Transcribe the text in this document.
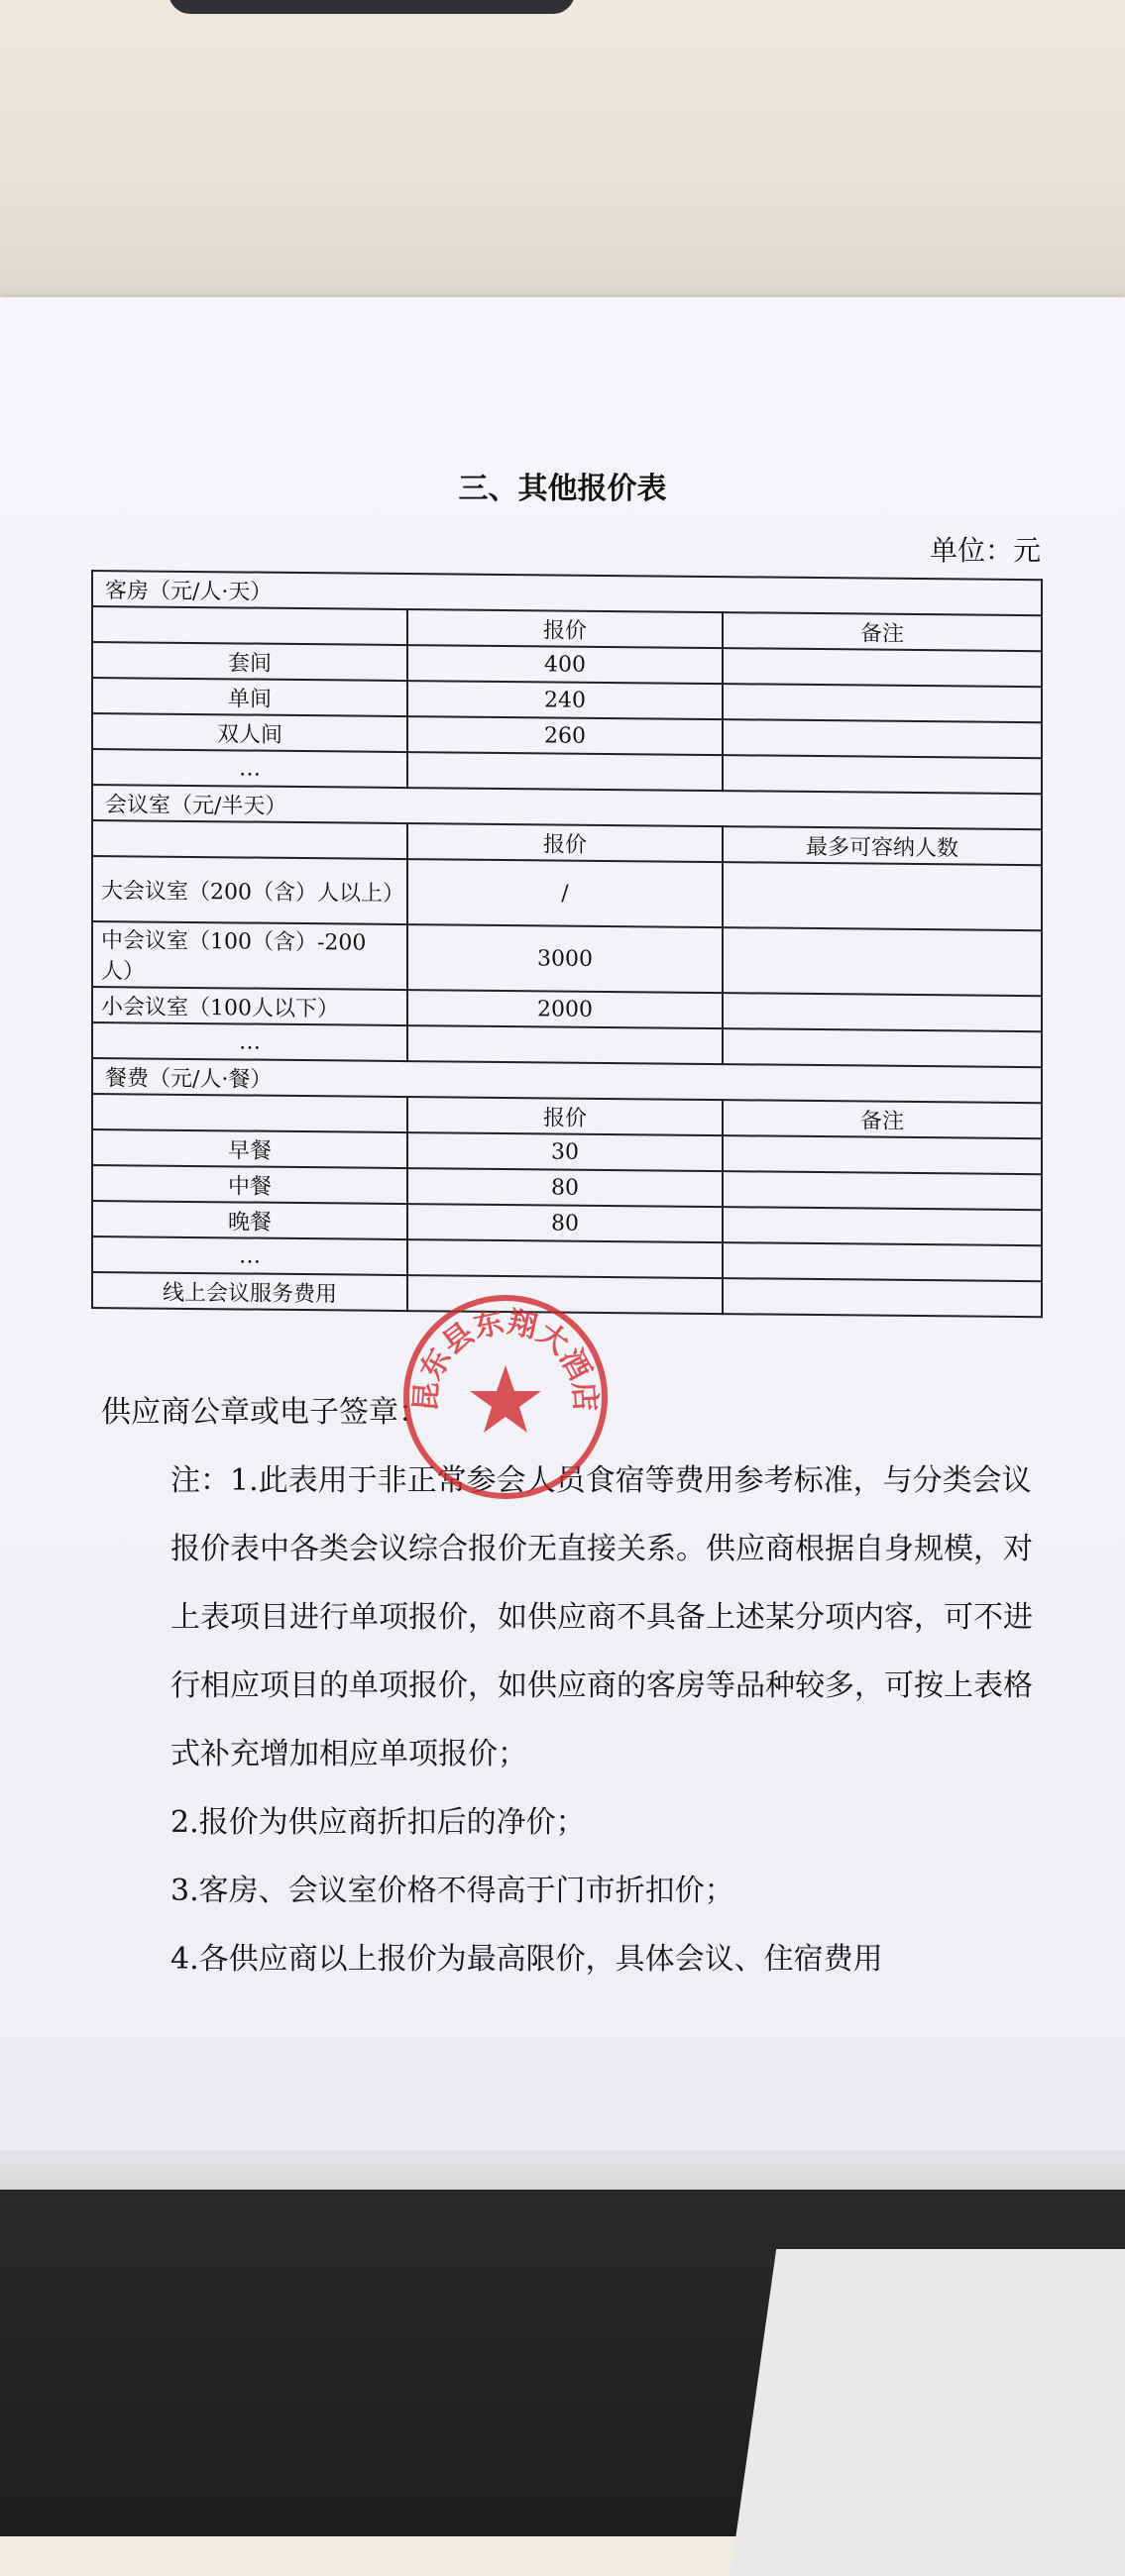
三、其他报价表
单位：元
客房（元/人·天）		
	报价	备注
套间	400	
单间	240	
双人间	260	
…		
会议室（元/半天）		
	报价	最多可容纳人数
大会议室（200（含）人以上）	/	
中会议室（100（含）-200人）	3000	
小会议室（100人以下）	2000	
…		
餐费（元/人·餐）		
	报价	备注
早餐	30	
中餐	80	
晚餐	80	
…		
线上会议服务费用		
供应商公章或电子签章：

注：1.此表用于非正常参会人员食宿等费用参考标准，与分类会议报价表中各类会议综合报价无直接关系。供应商根据自身规模，对上表项目进行单项报价，如供应商不具备上述某分项内容，可不进行相应项目的单项报价，如供应商的客房等品种较多，可按上表格式补充增加相应单项报价；

2.报价为供应商折扣后的净价；

3.客房、会议室价格不得高于门市折扣价；

4.各供应商以上报价为最高限价，具体会议、住宿费用

昆东县东翔大酒店
